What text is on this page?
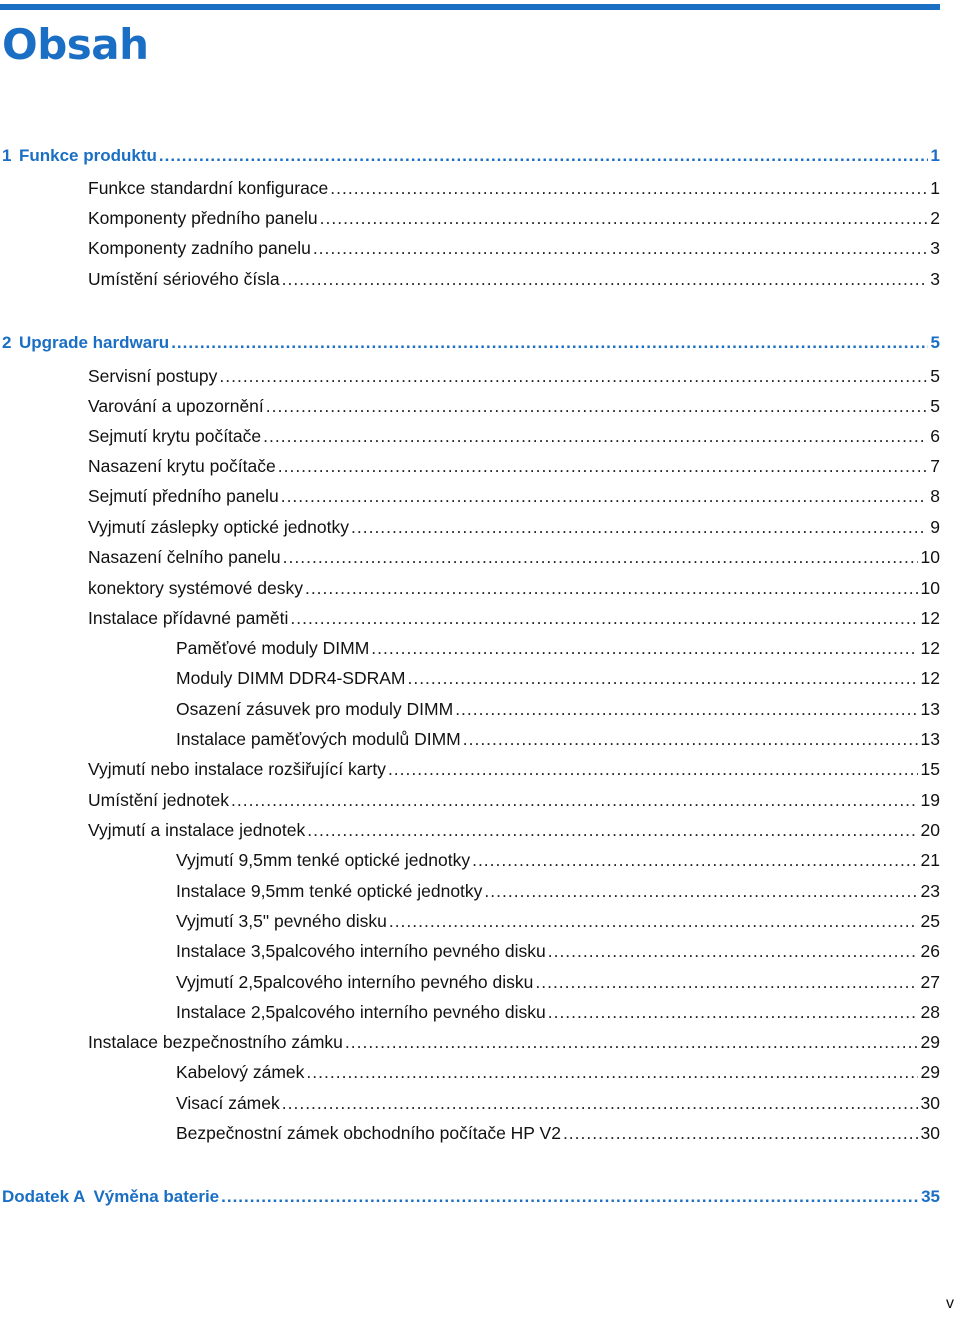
Obsah
1 Funkce produktu .....	1
Funkce standardní konfigurace .....	1
Komponenty předního panelu .....	2
Komponenty zadního panelu .....	3
Umístění sériového čísla .....	3
2 Upgrade hardwaru .....	5
Servisní postupy .....	5
Varování a upozornění .....	5
Sejmutí krytu počítače .....	6
Nasazení krytu počítače .....	7
Sejmutí předního panelu .....	8
Vyjmutí záslepky optické jednotky .....	9
Nasazení čelního panelu .....	10
konektory systémové desky .....	10
Instalace přídavné paměti .....	12
Paměťové moduly DIMM .....	12
Moduly DIMM DDR4-SDRAM .....	12
Osazení zásuvek pro moduly DIMM .....	13
Instalace paměťových modulů DIMM .....	13
Vyjmutí nebo instalace rozšiřující karty .....	15
Umístění jednotek .....	19
Vyjmutí a instalace jednotek .....	20
Vyjmutí 9,5mm tenké optické jednotky .....	21
Instalace 9,5mm tenké optické jednotky .....	23
Vyjmutí 3,5" pevného disku .....	25
Instalace 3,5palcového interního pevného disku .....	26
Vyjmutí 2,5palcového interního pevného disku .....	27
Instalace 2,5palcového interního pevného disku .....	28
Instalace bezpečnostního zámku .....	29
Kabelový zámek .....	29
Visací zámek .....	30
Bezpečnostní zámek obchodního počítače HP V2 .....	30
Dodatek A Výměna baterie .....	35
v
